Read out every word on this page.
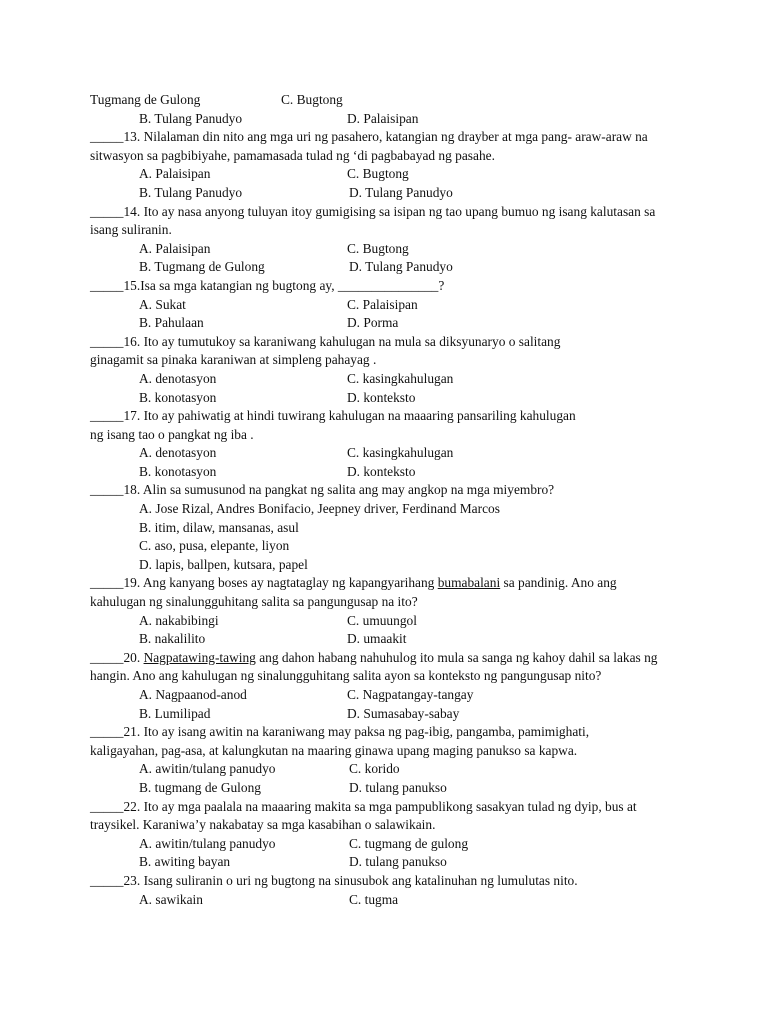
Tugmang de Gulong	C. Bugtong
B. Tulang Panudyo	D. Palaisipan
_____13. Nilalaman din nito ang mga uri ng pasahero, katangian ng drayber at mga pang- araw-araw na
sitwasyon sa pagbibiyahe, pamamasada tulad ng ‘di pagbabayad ng pasahe.
A. Palaisipan	C. Bugtong
B. Tulang Panudyo	D. Tulang Panudyo
_____14. Ito ay nasa anyong tuluyan itoy gumigising sa isipan ng tao upang bumuo ng isang kalutasan sa
isang suliranin.
A. Palaisipan	C. Bugtong
B. Tugmang de Gulong	D. Tulang Panudyo
_____15.Isa sa mga katangian ng bugtong ay, _______________?
A. Sukat	C. Palaisipan
B. Pahulaan	D. Porma
_____16. Ito ay tumutukoy sa karaniwang kahulugan na mula sa diksyunaryo o salitang
ginagamit sa pinaka karaniwan at simpleng pahayag .
A. denotasyon	C. kasingkahulugan
B. konotasyon	D. konteksto
_____17. Ito ay pahiwatig at hindi tuwirang kahulugan na maaaring pansariling kahulugan
ng isang tao o pangkat ng iba .
A. denotasyon	C. kasingkahulugan
B. konotasyon	D. konteksto
_____18. Alin sa sumusunod na pangkat ng salita ang may angkop na mga miyembro?
A. Jose Rizal, Andres Bonifacio, Jeepney driver, Ferdinand Marcos
B. itim, dilaw, mansanas, asul
C. aso, pusa, elepante, liyon
D. lapis, ballpen, kutsara, papel
_____19. Ang kanyang boses ay nagtataglay ng kapangyarihang bumabalani sa pandinig. Ano ang
kahulugan ng sinalungguhitang salita sa pangungusap na ito?
A. nakabibingi	C. umuungol
B. nakalilito	D. umaakit
_____20. Nagpatawing-tawing ang dahon habang nahuhulog ito mula sa sanga ng kahoy dahil sa lakas ng
hangin. Ano ang kahulugan ng sinalungguhitang salita ayon sa konteksto ng pangungusap nito?
A. Nagpaanod-anod	C. Nagpatangay-tangay
B. Lumilipad	D. Sumasabay-sabay
_____21. Ito ay isang awitin na karaniwang may paksa ng pag-ibig, pangamba, pamimighati,
kaligayahan, pag-asa, at kalungkutan na maaring ginawa upang maging panukso sa kapwa.
A. awitin/tulang panudyo	C. korido
B. tugmang de Gulong	D. tulang panukso
_____22. Ito ay mga paalala na maaaring makita sa mga pampublikong sasakyan tulad ng dyip, bus at
traysikel. Karaniwa’y nakabatay sa mga kasabihan o salawikain.
A. awitin/tulang panudyo	C. tugmang de gulong
B. awiting bayan	D. tulang panukso
_____23. Isang suliranin o uri ng bugtong na sinusubok ang katalinuhan ng lumulutas nito.
A. sawikain	C. tugma
